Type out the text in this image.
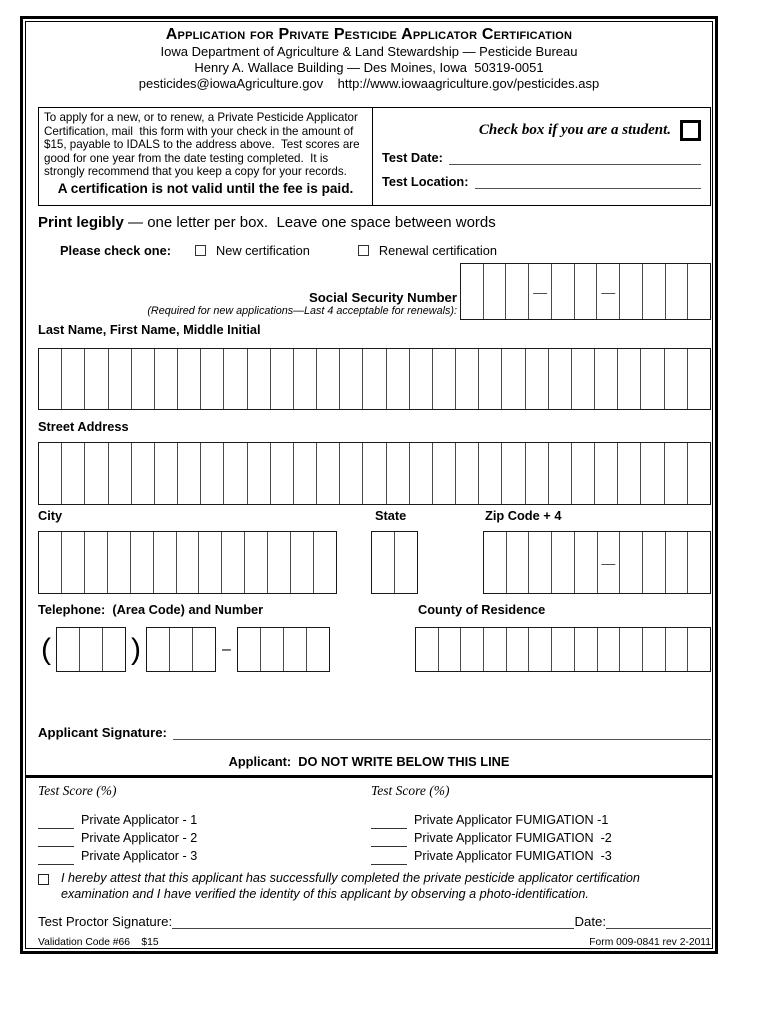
Application for Private Pesticide Applicator Certification
Iowa Department of Agriculture & Land Stewardship — Pesticide Bureau
Henry A. Wallace Building — Des Moines, Iowa  50319-0051
pesticides@iowaAgriculture.gov    http://www.iowaagriculture.gov/pesticides.asp
To apply for a new, or to renew, a Private Pesticide Applicator Certification, mail  this form with your check in the amount of $15, payable to IDALS to the address above.  Test scores are good for one year from the date testing completed.  It is strongly recommend that you keep a copy for your records.
A certification is not valid until the fee is paid.
Check box if you are a student.
Test Date:
Test Location:
Print legibly — one letter per box.  Leave one space between words
Please check one:	New certification	Renewal certification
Social Security Number
(Required for new applications—Last 4 acceptable for renewals):
—	—
Last Name, First Name, Middle Initial
Street Address
City	State	Zip Code + 4
—
Telephone:  (Area Code) and Number	County of Residence
(	)	–
Applicant Signature:
Applicant:  DO NOT WRITE BELOW THIS LINE
Test Score (%)	Test Score (%)
Private Applicator - 1
Private Applicator - 2
Private Applicator - 3
Private Applicator FUMIGATION -1
Private Applicator FUMIGATION  -2
Private Applicator FUMIGATION  -3
I hereby attest that this applicant has successfully completed the private pesticide applicator certification examination and I have verified the identity of this applicant by observing a photo-identification.
Test Proctor Signature:	Date:
Validation Code #66    $15	Form 009-0841 rev 2-2011
